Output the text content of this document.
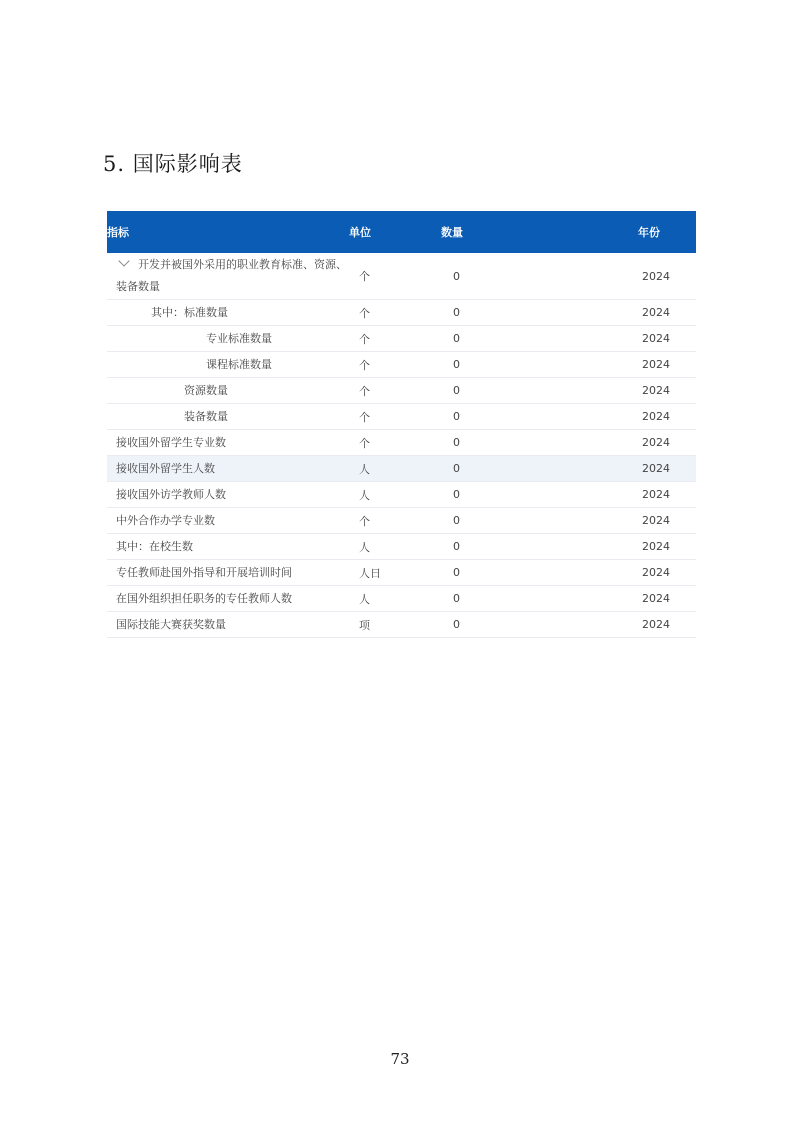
5. 国际影响表
指标	单位	数量	年份

开发并被国外采用的职业教育标准、资源、装备数量	个	0	2024

其中：标准数量	个	0	2024

专业标准数量	个	0	2024

课程标准数量	个	0	2024

资源数量	个	0	2024

装备数量	个	0	2024

接收国外留学生专业数	个	0	2024

接收国外留学生人数	人	0	2024

接收国外访学教师人数	人	0	2024

中外合作办学专业数	个	0	2024

其中：在校生数	人	0	2024

专任教师赴国外指导和开展培训时间	人日	0	2024

在国外组织担任职务的专任教师人数	人	0	2024

国际技能大赛获奖数量	项	0	2024
73
